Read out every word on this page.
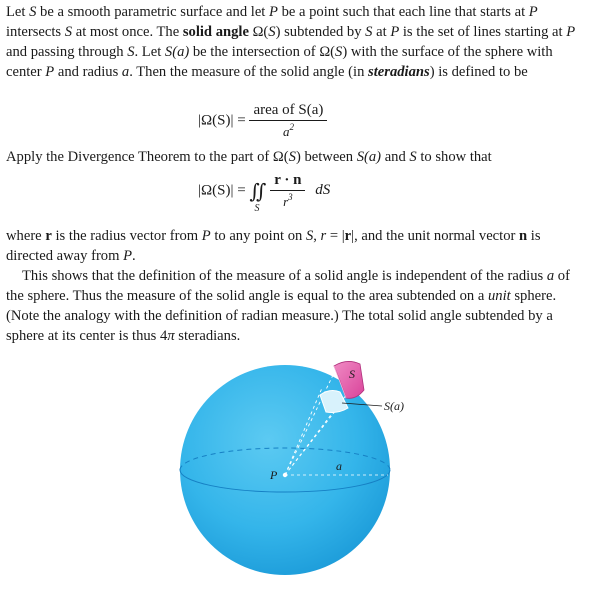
Let S be a smooth parametric surface and let P be a point such that each line that starts at P intersects S at most once. The solid angle Ω(S) subtended by S at P is the set of lines starting at P and passing through S. Let S(a) be the intersection of Ω(S) with the surface of the sphere with center P and radius a. Then the measure of the solid angle (in steradians) is defined to be

$|\Omega(S)| = \frac{\text{area of S(a)}}{a^2}$

Apply the Divergence Theorem to the part of Ω(S) between S(a) and S to show that

|Ω(S)| = ∬
S
$\frac{r \cdot n}{r^3}$ dS

where r is the radius vector from P to any point on S, r = |r|, and the unit normal vector n is directed away from P.

This shows that the definition of the measure of a solid angle is independent of the radius a of the sphere. Thus the measure of the solid angle is equal to the area subtended on a unit sphere. (Note the analogy with the definition of radian measure.) The total solid angle subtended by a sphere at its center is thus 4π steradians.

S
S(a)
P
a
